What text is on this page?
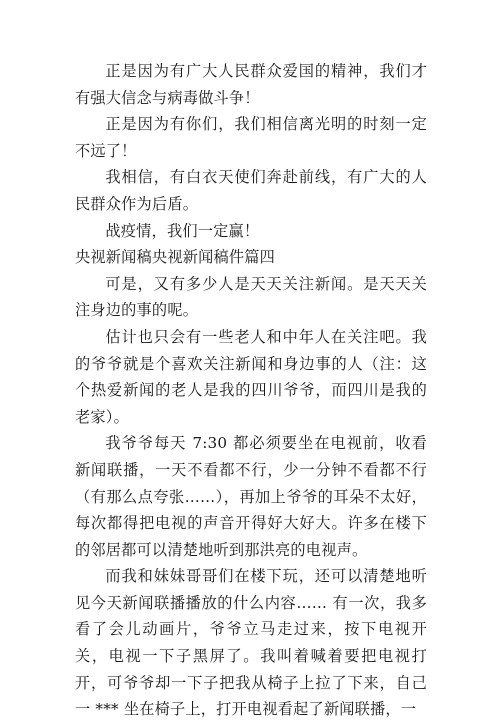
正是因为有广大人民群众爱国的精神，我们才有强大信念与病毒做斗争！

正是因为有你们，我们相信离光明的时刻一定不远了！

我相信，有白衣天使们奔赴前线，有广大的人民群众作为后盾。

战疫情，我们一定赢！

央视新闻稿央视新闻稿件篇四

可是，又有多少人是天天关注新闻。是天天关注身边的事的呢。

估计也只会有一些老人和中年人在关注吧。我的爷爷就是个喜欢关注新闻和身边事的人（注：这个热爱新闻的老人是我的四川爷爷，而四川是我的老家）。

我爷爷每天 7:30 都必须要坐在电视前，收看新闻联播，一天不看都不行，少一分钟不看都不行（有那么点夸张……），再加上爷爷的耳朵不太好，每次都得把电视的声音开得好大好大。许多在楼下的邻居都可以清楚地听到那洪亮的电视声。

而我和妹妹哥哥们在楼下玩，还可以清楚地听见今天新闻联播播放的什么内容…… 有一次，我多看了会儿动画片，爷爷立马走过来，按下电视开关，电视一下子黑屏了。我叫着喊着要把电视打开，可爷爷却一下子把我从椅子上拉了下来，自己一 *** 坐在椅子上，打开电视看起了新闻联播，一
